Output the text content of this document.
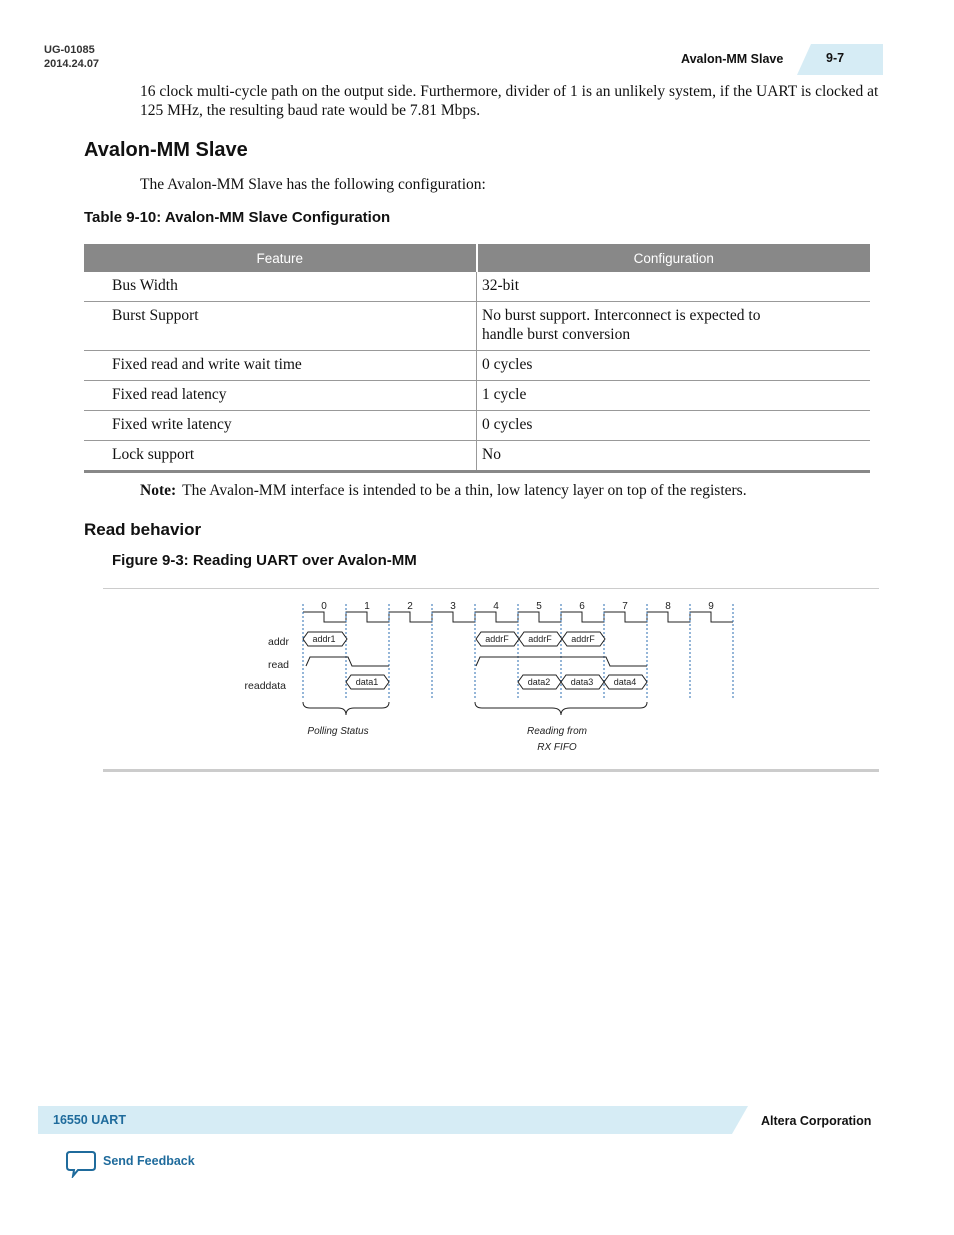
UG-01085
2014.24.07	Avalon-MM Slave	9-7
16 clock multi-cycle path on the output side. Furthermore, divider of 1 is an unlikely system, if the UART is clocked at 125 MHz, the resulting baud rate would be 7.81 Mbps.
Avalon-MM Slave
The Avalon-MM Slave has the following configuration:
Table 9-10: Avalon-MM Slave Configuration
Feature	Configuration
Bus Width	32-bit
Burst Support	No burst support. Interconnect is expected to handle burst conversion
Fixed read and write wait time	0 cycles
Fixed read latency	1 cycle
Fixed write latency	0 cycles
Lock support	No
Note: The Avalon-MM interface is intended to be a thin, low latency layer on top of the registers.
Read behavior
Figure 9-3: Reading UART over Avalon-MM
0	1	2	3	4	5	6	7	8	9
addr
read
readdata
addr1	addrF addrF addrF
data1	data2 data3 data4
Polling Status	Reading from
RX FIFO
16550 UART	Altera Corporation
Send Feedback
